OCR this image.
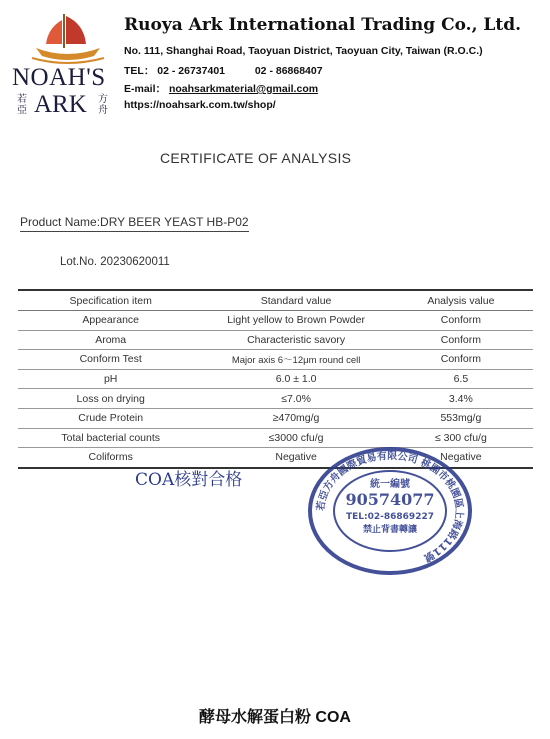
NOAH'S
若亞 ARK 方舟
Ruoya Ark International Trading Co., Ltd.
No. 111, Shanghai Road, Taoyuan District, Taoyuan City, Taiwan (R.O.C.)
TEL： 02 - 26737401	02 - 86868407
E-mail： noahsarkmaterial@gmail.com
https://noahsark.com.tw/shop/
CERTIFICATE OF ANALYSIS
Product Name:DRY BEER YEAST HB-P02
Lot.No. 20230620011
Specification item	Standard value	Analysis value
Appearance	Light yellow to Brown Powder	Conform
Aroma	Characteristic savory	Conform
Conform Test	Major axis 6～12μm round cell	Conform
pH	6.0 ± 1.0	6.5
Loss on drying	≤7.0%	3.4%
Crude Protein	≥470mg/g	553mg/g
Total bacterial counts	≤3000 cfu/g	≤ 300 cfu/g
Coliforms	Negative	Negative
COA核對合格
若亞方舟國際貿易有限公司 桃園市桃園區上海路111號
統一編號
90574077
TEL:02-86869227
禁止背書轉讓
酵母水解蛋白粉 COA
